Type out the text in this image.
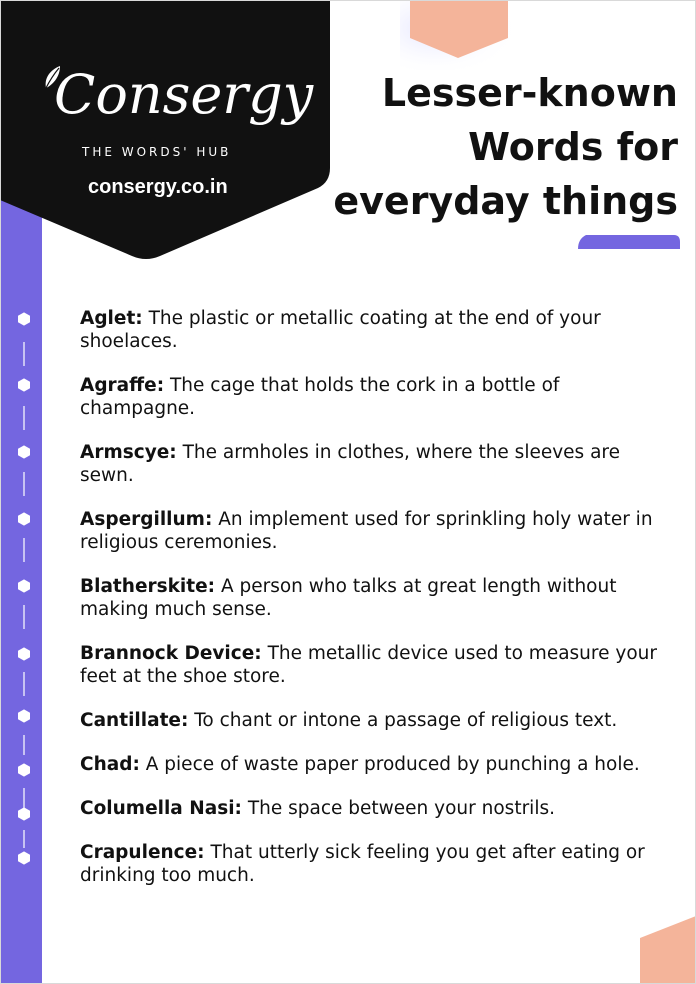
Consergy
THE WORDS' HUB
consergy.co.in
Lesser-known
Words for
everyday things
Aglet: The plastic or metallic coating at the end of your shoelaces.
Agraffe: The cage that holds the cork in a bottle of champagne.
Armscye: The armholes in clothes, where the sleeves are sewn.
Aspergillum: An implement used for sprinkling holy water in religious ceremonies.
Blatherskite: A person who talks at great length without making much sense.
Brannock Device: The metallic device used to measure your feet at the shoe store.
Cantillate: To chant or intone a passage of religious text.
Chad: A piece of waste paper produced by punching a hole.
Columella Nasi: The space between your nostrils.
Crapulence: That utterly sick feeling you get after eating or drinking too much.
